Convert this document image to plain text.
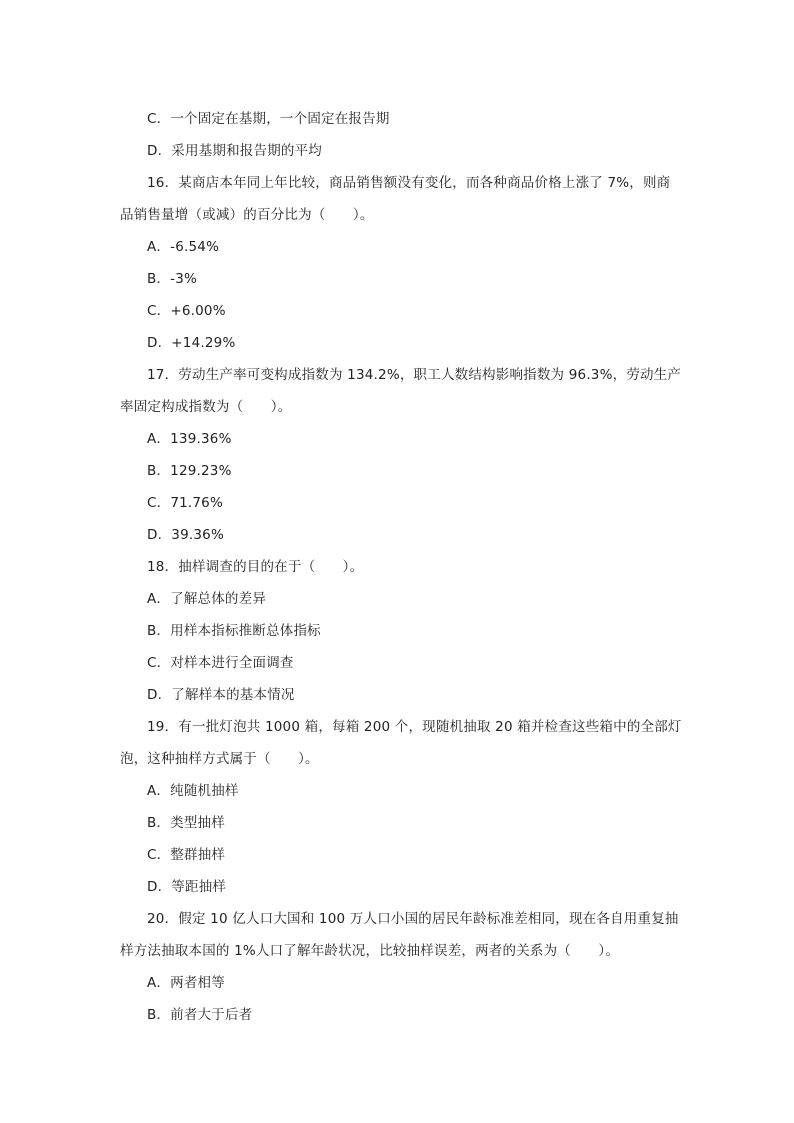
C．一个固定在基期，一个固定在报告期
D．采用基期和报告期的平均
16．某商店本年同上年比较，商品销售额没有变化，而各种商品价格上涨了 7%，则商
品销售量增（或减）的百分比为（　　）。
A．-6.54%
B．-3%
C．+6.00%
D．+14.29%
17．劳动生产率可变构成指数为 134.2%，职工人数结构影响指数为 96.3%，劳动生产
率固定构成指数为（　　）。
A．139.36%
B．129.23%
C．71.76%
D．39.36%
18．抽样调查的目的在于（　　）。
A．了解总体的差异
B．用样本指标推断总体指标
C．对样本进行全面调查
D．了解样本的基本情况
19．有一批灯泡共 1000 箱，每箱 200 个，现随机抽取 20 箱并检查这些箱中的全部灯
泡，这种抽样方式属于（　　）。
A．纯随机抽样
B．类型抽样
C．整群抽样
D．等距抽样
20．假定 10 亿人口大国和 100 万人口小国的居民年龄标准差相同，现在各自用重复抽
样方法抽取本国的 1%人口了解年龄状况，比较抽样误差，两者的关系为（　　）。
A．两者相等
B．前者大于后者
